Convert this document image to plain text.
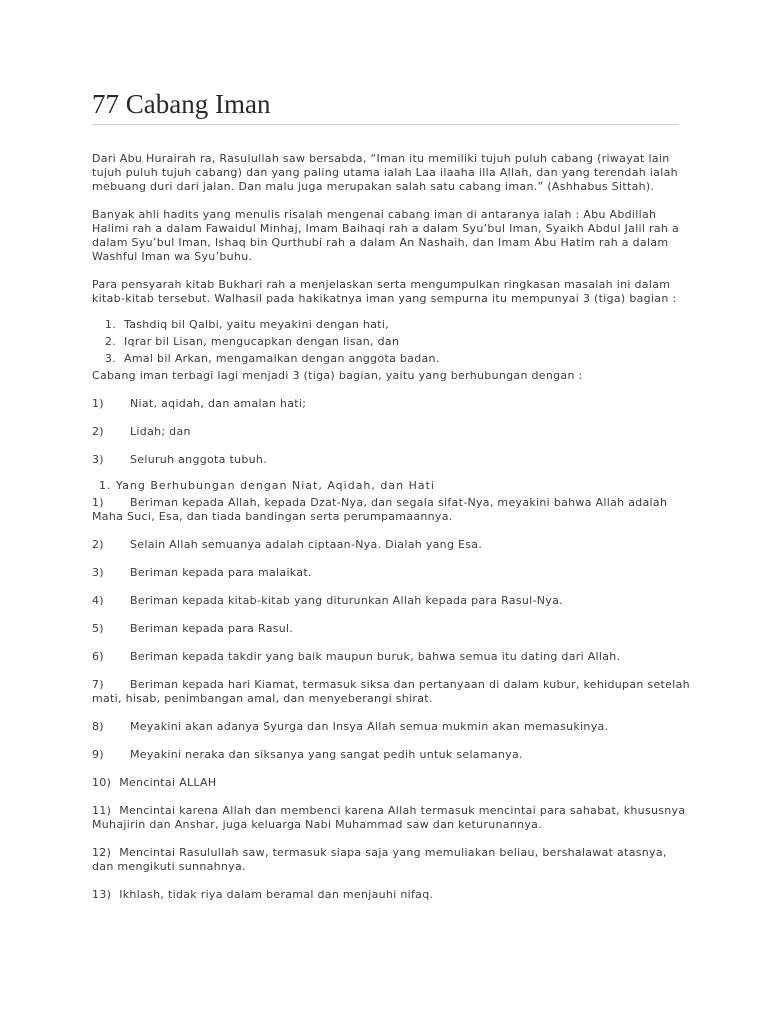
77 Cabang Iman

Dari Abu Hurairah ra, Rasulullah saw bersabda, “Iman itu memiliki tujuh puluh cabang (riwayat lain tujuh puluh tujuh cabang) dan yang paling utama ialah Laa ilaaha illa Allah, dan yang terendah ialah mebuang duri dari jalan. Dan malu juga merupakan salah satu cabang iman.” (Ashhabus Sittah).

Banyak ahli hadits yang menulis risalah mengenai cabang iman di antaranya ialah : Abu Abdillah Halimi rah a dalam Fawaidul Minhaj, Imam Baihaqi rah a dalam Syu’bul Iman, Syaikh Abdul Jalil rah a dalam Syu’bul Iman, Ishaq bin Qurthubi rah a dalam An Nashaih, dan Imam Abu Hatim rah a dalam Washful Iman wa Syu’buhu.

Para pensyarah kitab Bukhari rah a menjelaskan serta mengumpulkan ringkasan masalah ini dalam kitab-kitab tersebut. Walhasil pada hakikatnya iman yang sempurna itu mempunyai 3 (tiga) bagian :

1. Tashdiq bil Qalbi, yaitu meyakini dengan hati,
2. Iqrar bil Lisan, mengucapkan dengan lisan, dan
3. Amal bil Arkan, mengamalkan dengan anggota badan.

Cabang iman terbagi lagi menjadi 3 (tiga) bagian, yaitu yang berhubungan dengan :

1) Niat, aqidah, dan amalan hati;
2) Lidah; dan
3) Seluruh anggota tubuh.
1. Yang Berhubungan dengan Niat, Aqidah, dan Hati
1) Beriman kepada Allah, kepada Dzat-Nya, dan segala sifat-Nya, meyakini bahwa Allah adalah Maha Suci, Esa, dan tiada bandingan serta perumpamaannya.
2) Selain Allah semuanya adalah ciptaan-Nya. Dialah yang Esa.
3) Beriman kepada para malaikat.
4) Beriman kepada kitab-kitab yang diturunkan Allah kepada para Rasul-Nya.
5) Beriman kepada para Rasul.
6) Beriman kepada takdir yang baik maupun buruk, bahwa semua itu dating dari Allah.
7) Beriman kepada hari Kiamat, termasuk siksa dan pertanyaan di dalam kubur, kehidupan setelah mati, hisab, penimbangan amal, dan menyeberangi shirat.
8) Meyakini akan adanya Syurga dan Insya Allah semua mukmin akan memasukinya.
9) Meyakini neraka dan siksanya yang sangat pedih untuk selamanya.
10) Mencintai ALLAH
11) Mencintai karena Allah dan membenci karena Allah termasuk mencintai para sahabat, khususnya Muhajirin dan Anshar, juga keluarga Nabi Muhammad saw dan keturunannya.
12) Mencintai Rasulullah saw, termasuk siapa saja yang memuliakan beliau, bershalawat atasnya, dan mengikuti sunnahnya.
13) Ikhlash, tidak riya dalam beramal dan menjauhi nifaq.
